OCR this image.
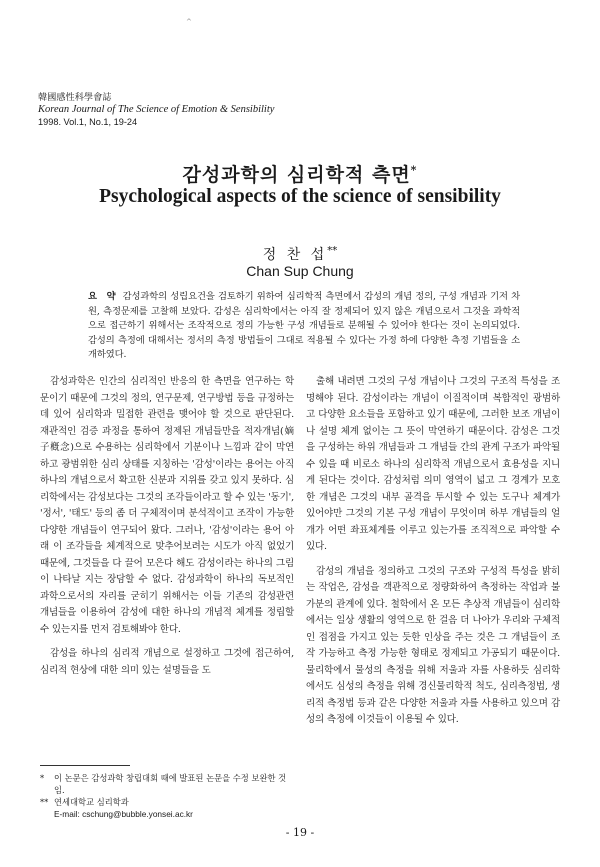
^
韓國感性科學會誌
Korean Journal of The Science of Emotion & Sensibility
1998. Vol.1, No.1, 19-24
감성과학의 심리학적 측면*
Psychological aspects of the science of sensibility
정 찬 섭**
Chan Sup Chung
요 약 감성과학의 성립요건을 검토하기 위하여 심리학적 측면에서 감성의 개념 정의, 구성 개념과 기저 차원, 측정문제를 고찰해 보았다. 감성은 심리학에서는 아직 잘 정제되어 있지 않은 개념으로서 그것을 과학적으로 접근하기 위해서는 조작적으로 정의 가능한 구성 개념들로 분해될 수 있어야 한다는 것이 논의되었다. 감성의 측정에 대해서는 정서의 측정 방법들이 그대로 적용될 수 있다는 가정 하에 다양한 측정 기법들을 소개하였다.

감성과학은 인간의 심리적인 반응의 한 측면을 연구하는 학문이기 때문에 그것의 정의, 연구문제, 연구방법 등을 규정하는데 있어 심리학과 밀접한 관련을 맺어야 할 것으로 판단된다. 재관적인 검증 과정을 통하여 정제된 개념들만을 적자개념(嫡子槪念)으로 수용하는 심리학에서 기분이나 느낌과 같이 막연하고 광범위한 심리 상태를 지칭하는 '감성'이라는 용어는 아직 하나의 개념으로서 확고한 신분과 지위를 갖고 있지 못하다. 심리학에서는 감성보다는 그것의 조각들이라고 할 수 있는 '동기', '정서', '태도' 등의 좀 더 구체적이며 분석적이고 조작이 가능한 다양한 개념들이 연구되어 왔다. 그러나, '감성'이라는 용어 아래 이 조각들을 체계적으로 맞추어보려는 시도가 아직 없었기 때문에, 그것들을 다 끌어 모은다 해도 감성이라는 하나의 그림이 나타날 지는 장담할 수 없다. 감성과학이 하나의 독보적인 과학으로서의 자리를 굳히기 위해서는 이들 기존의 감성관련 개념들을 이용하여 감성에 대한 하나의 개념적 체계를 정립할 수 있는지를 먼저 검토해봐야 한다.

감성을 하나의 심리적 개념으로 설정하고 그것에 접근하여, 심리적 현상에 대한 의미 있는 설명들을 도

출해 내려면 그것의 구성 개념이나 그것의 구조적 특성을 조명해야 된다. 감성이라는 개념이 이질적이며 복합적인 광범하고 다양한 요소들을 포함하고 있기 때문에, 그러한 보조 개념이나 설명 체계 없이는 그 뜻이 막연하기 때문이다. 감성은 그것을 구성하는 하위 개념들과 그 개념들 간의 관계 구조가 파악될 수 있을 때 비로소 하나의 심리학적 개념으로서 효용성을 지니게 된다는 것이다. 감성처럼 의미 영역이 넓고 그 경계가 모호한 개념은 그것의 내부 골격을 투시할 수 있는 도구나 체계가 있어야만 그것의 기본 구성 개념이 무엇이며 하부 개념들의 얼개가 어떤 좌표체계를 이루고 있는가를 조직적으로 파악할 수 있다.

감성의 개념을 정의하고 그것의 구조와 구성적 특성을 밝히는 작업은, 감성을 객관적으로 정량화하여 측정하는 작업과 불가분의 관계에 있다. 철학에서 온 모든 추상적 개념들이 심리학에서는 일상 생활의 영역으로 한 걸음 더 나아가 우리와 구체적인 접점을 가지고 있는 듯한 인상을 주는 것은 그 개념들이 조작 가능하고 측정 가능한 형태로 정제되고 가공되기 때문이다. 물리학에서 물성의 측정을 위해 저울과 자를 사용하듯 심리학에서도 심성의 측정을 위해 경신물리학적 척도, 심리측정법, 생리적 측정법 등과 같은 다양한 저울과 자를 사용하고 있으며 감성의 측정에 이것들이 이용될 수 있다.

* 이 논문은 감성과학 창립대회 때에 발표된 논문을 수정 보완한 것임.
** 연세대학교 심리학과
E-mail: cschung@bubble.yonsei.ac.kr
- 19 -
